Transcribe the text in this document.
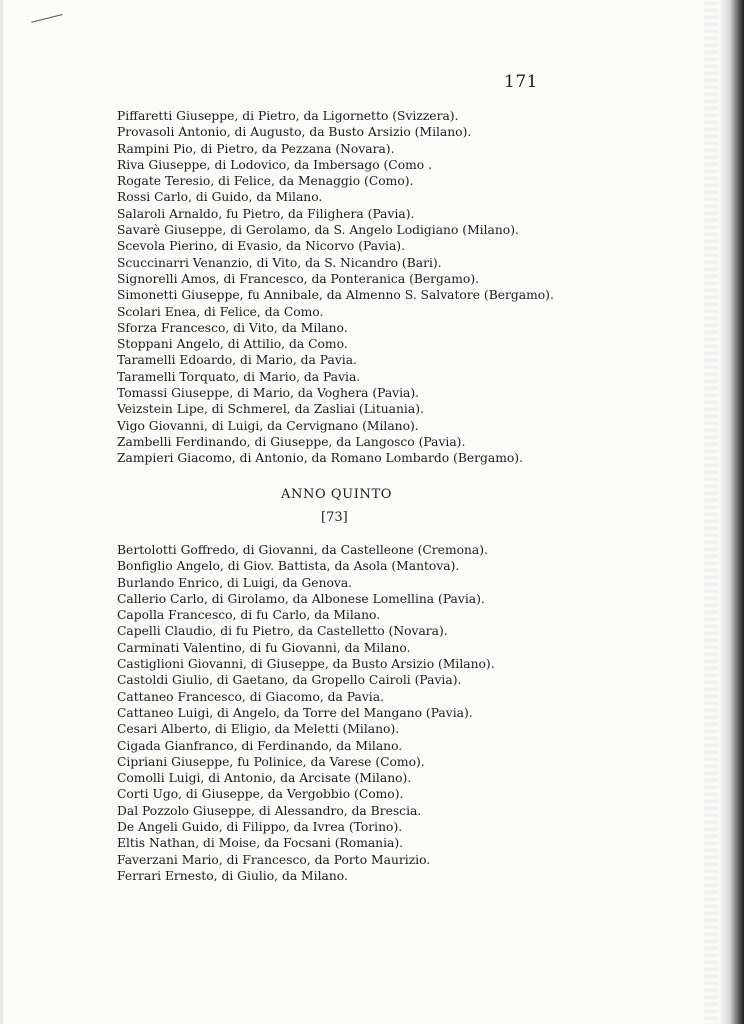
171
Piffaretti Giuseppe, di Pietro, da Ligornetto (Svizzera).
Provasoli Antonio, di Augusto, da Busto Arsizio (Milano).
Rampini Pio, di Pietro, da Pezzana (Novara).
Riva Giuseppe, di Lodovico, da Imbersago (Como .
Rogate Teresio, di Felice, da Menaggio (Como).
Rossi Carlo, di Guido, da Milano.
Salaroli Arnaldo, fu Pietro, da Filighera (Pavia).
Savarè Giuseppe, di Gerolamo, da S. Angelo Lodigiano (Milano).
Scevola Pierino, di Evasio, da Nicorvo (Pavia).
Scuccinarri Venanzio, di Vito, da S. Nicandro (Bari).
Signorelli Amos, di Francesco, da Ponteranica (Bergamo).
Simonetti Giuseppe, fu Annibale, da Almenno S. Salvatore (Bergamo).
Scolari Enea, di Felice, da Como.
Sforza Francesco, di Vito, da Milano.
Stoppani Angelo, di Attilio, da Como.
Taramelli Edoardo, di Mario, da Pavia.
Taramelli Torquato, di Mario, da Pavia.
Tomassi Giuseppe, di Mario, da Voghera (Pavia).
Veizstein Lipe, di Schmerel, da Zasliai (Lituania).
Vigo Giovanni, di Luigi, da Cervignano (Milano).
Zambelli Ferdinando, di Giuseppe, da Langosco (Pavia).
Zampieri Giacomo, di Antonio, da Romano Lombardo (Bergamo).
ANNO QUINTO
[73]
Bertolotti Goffredo, di Giovanni, da Castelleone (Cremona).
Bonfiglio Angelo, di Giov. Battista, da Asola (Mantova).
Burlando Enrico, di Luigi, da Genova.
Callerio Carlo, di Girolamo, da Albonese Lomellina (Pavia).
Capolla Francesco, di fu Carlo, da Milano.
Capelli Claudio, di fu Pietro, da Castelletto (Novara).
Carminati Valentino, di fu Giovanni, da Milano.
Castiglioni Giovanni, di Giuseppe, da Busto Arsizio (Milano).
Castoldi Giulio, di Gaetano, da Gropello Cairoli (Pavia).
Cattaneo Francesco, di Giacomo, da Pavia.
Cattaneo Luigi, di Angelo, da Torre del Mangano (Pavia).
Cesari Alberto, di Eligio, da Meletti (Milano).
Cigada Gianfranco, di Ferdinando, da Milano.
Cipriani Giuseppe, fu Polinice, da Varese (Como).
Comolli Luigi, di Antonio, da Arcisate (Milano).
Corti Ugo, di Giuseppe, da Vergobbio (Como).
Dal Pozzolo Giuseppe, di Alessandro, da Brescia.
De Angeli Guido, di Filippo, da Ivrea (Torino).
Eltis Nathan, di Moise, da Focsani (Romania).
Faverzani Mario, di Francesco, da Porto Maurizio.
Ferrari Ernesto, di Giulio, da Milano.
